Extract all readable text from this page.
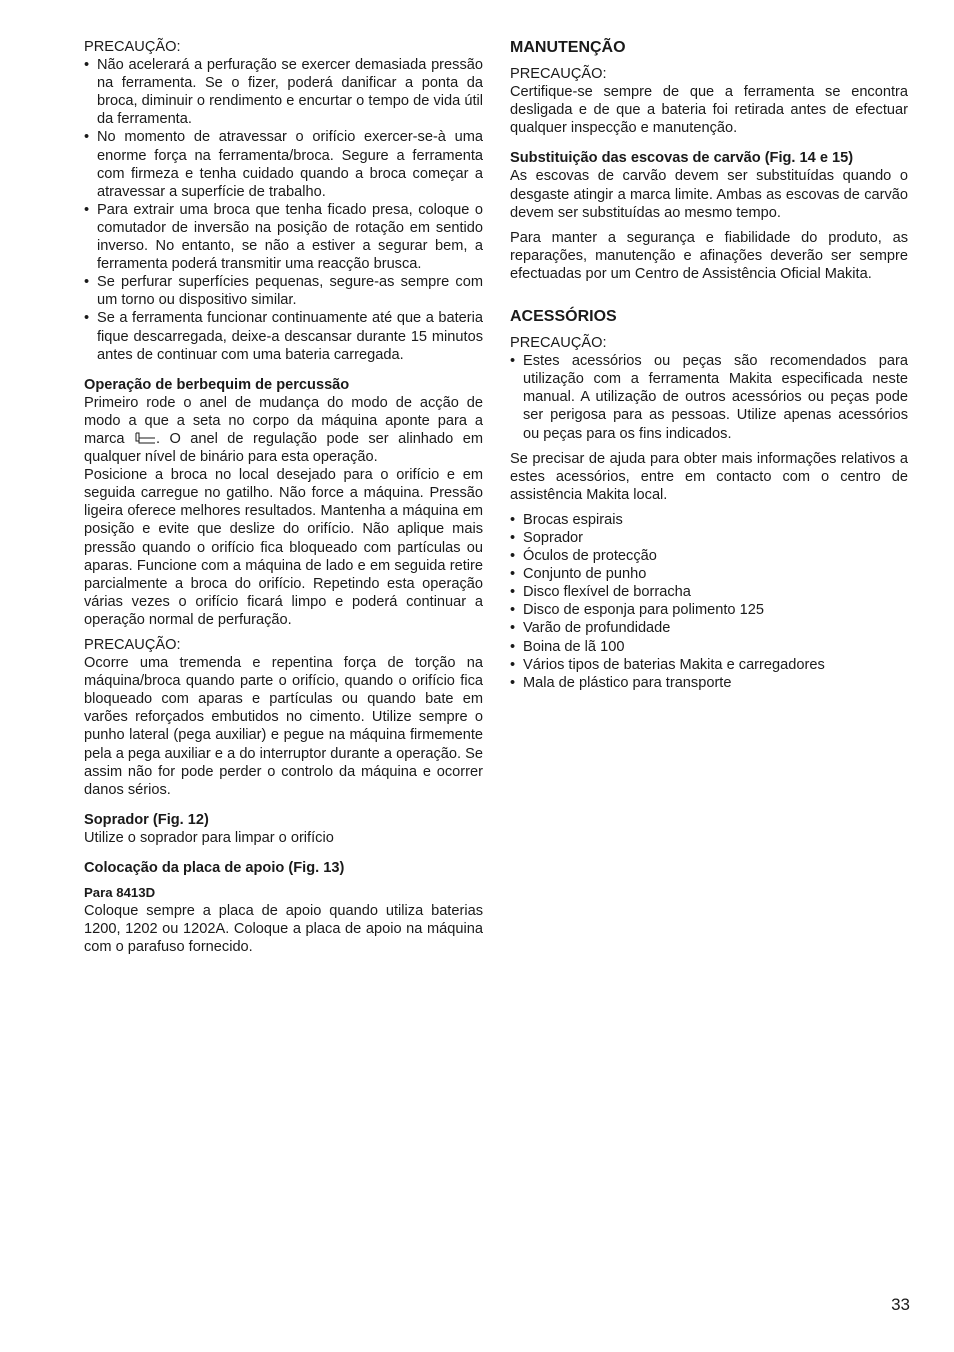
PRECAUÇÃO:

• Não acelerará a perfuração se exercer demasiada pressão na ferramenta. Se o fizer, poderá danificar a ponta da broca, diminuir o rendimento e encurtar o tempo de vida útil da ferramenta.
• No momento de atravessar o orifício exercer-se-à uma enorme força na ferramenta/broca. Segure a ferramenta com firmeza e tenha cuidado quando a broca começar a atravessar a superfície de trabalho.
• Para extrair uma broca que tenha ficado presa, coloque o comutador de inversão na posição de rotação em sentido inverso. No entanto, se não a estiver a segurar bem, a ferramenta poderá transmitir uma reacção brusca.
• Se perfurar superfícies pequenas, segure-as sempre com um torno ou dispositivo similar.
• Se a ferramenta funcionar continuamente até que a bateria fique descarregada, deixe-a descansar durante 15 minutos antes de continuar com uma bateria carregada.
Operação de berbequim de percussão

Primeiro rode o anel de mudança do modo de acção de modo a que a seta no corpo da máquina aponte para a marca . O anel de regulação pode ser alinhado em qualquer nível de binário para esta operação.

Posicione a broca no local desejado para o orifício e em seguida carregue no gatilho. Não force a máquina. Pressão ligeira oferece melhores resultados. Mantenha a máquina em posição e evite que deslize do orifício. Não aplique mais pressão quando o orifício fica bloqueado com partículas ou aparas. Funcione com a máquina de lado e em seguida retire parcialmente a broca do orifício. Repetindo esta operação várias vezes o orifício ficará limpo e poderá continuar a operação normal de perfuração.

PRECAUÇÃO:

Ocorre uma tremenda e repentina força de torção na máquina/broca quando parte o orifício, quando o orifício fica bloqueado com aparas e partículas ou quando bate em varões reforçados embutidos no cimento. Utilize sempre o punho lateral (pega auxiliar) e pegue na máquina firmemente pela a pega auxiliar e a do interruptor durante a operação. Se assim não for pode perder o controlo da máquina e ocorrer danos sérios.

Soprador (Fig. 12)

Utilize o soprador para limpar o orifício

Colocação da placa de apoio (Fig. 13)
Para 8413D

Coloque sempre a placa de apoio quando utiliza baterias 1200, 1202 ou 1202A. Coloque a placa de apoio na máquina com o parafuso fornecido.

MANUTENÇÃO

PRECAUÇÃO:

Certifique-se sempre de que a ferramenta se encontra desligada e de que a bateria foi retirada antes de efectuar qualquer inspecção e manutenção.

Substituição das escovas de carvão (Fig. 14 e 15)

As escovas de carvão devem ser substituídas quando o desgaste atingir a marca limite. Ambas as escovas de carvão devem ser substituídas ao mesmo tempo.

Para manter a segurança e fiabilidade do produto, as reparações, manutenção e afinações deverão ser sempre efectuadas por um Centro de Assistência Oficial Makita.

ACESSÓRIOS

PRECAUÇÃO:

• Estes acessórios ou peças são recomendados para utilização com a ferramenta Makita especificada neste manual. A utilização de outros acessórios ou peças pode ser perigosa para as pessoas. Utilize apenas acessórios ou peças para os fins indicados.

Se precisar de ajuda para obter mais informações relativos a estes acessórios, entre em contacto com o centro de assistência Makita local.

• Brocas espirais
• Soprador
• Óculos de protecção
• Conjunto de punho
• Disco flexível de borracha
• Disco de esponja para polimento 125
• Varão de profundidade
• Boina de lã 100
• Vários tipos de baterias Makita e carregadores
• Mala de plástico para transporte
33
